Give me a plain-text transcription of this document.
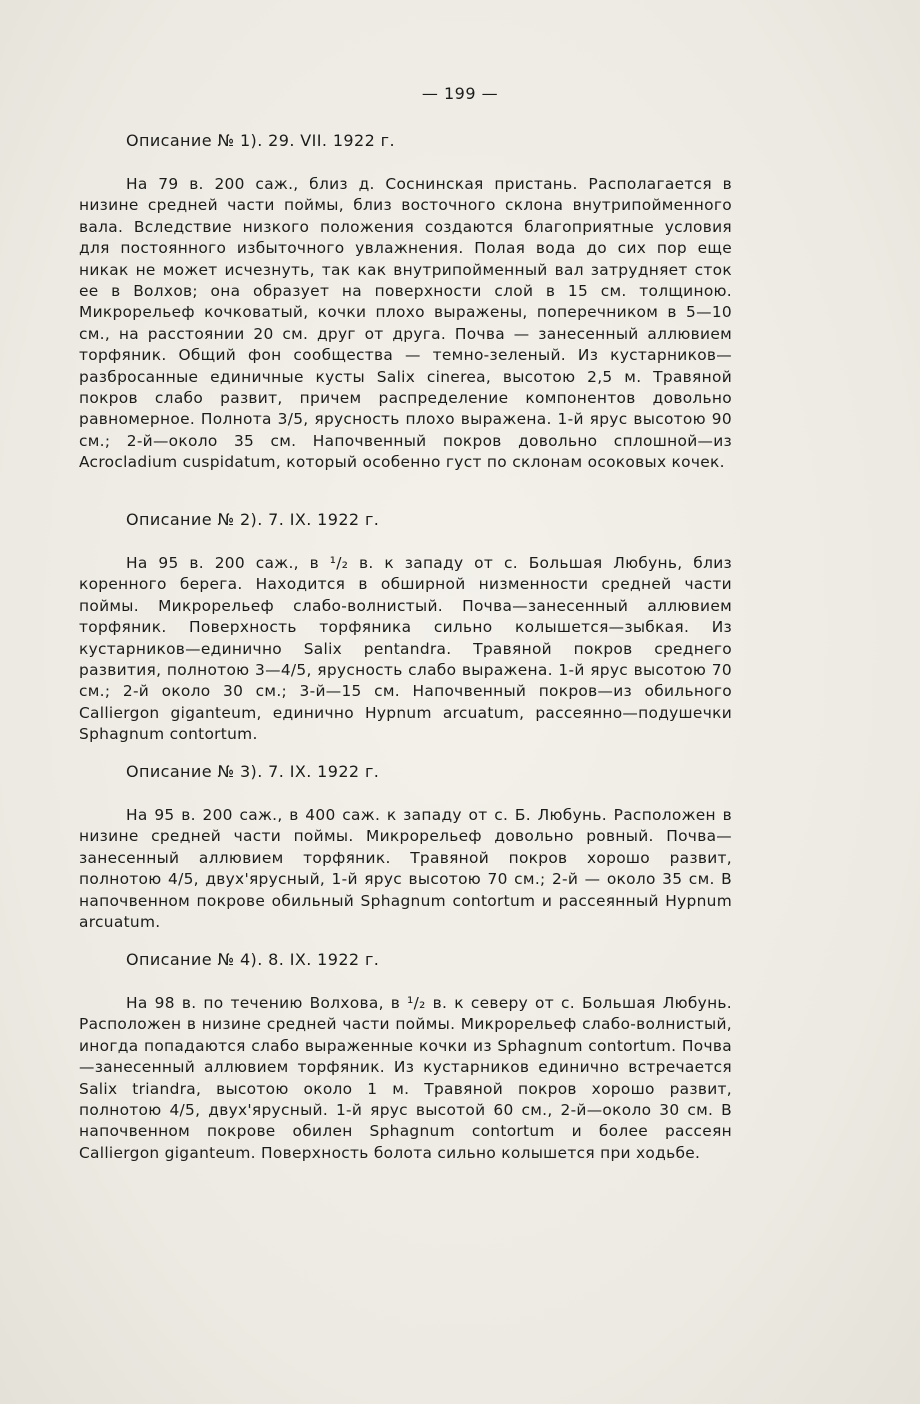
— 199 —
Описание № 1). 29. VII. 1922 г.

На 79 в. 200 саж., близ д. Соснинская пристань. Располагается в низине средней части поймы, близ восточного склона внутрипойменного вала. Вследствие низкого положения создаются благоприятные условия для постоянного избыточного увлажнения. Полая вода до сих пор еще никак не может исчезнуть, так как внутрипойменный вал затрудняет сток ее в Волхов; она образует на поверхности слой в 15 см. толщиною. Микрорельеф кочковатый, кочки плохо выражены, поперечником в 5—10 см., на расстоянии 20 см. друг от друга. Почва — занесенный аллювием торфяник. Общий фон сообщества — темно-зеленый. Из кустарников—разбросанные единичные кусты Salix cinerea, высотою 2,5 м. Травяной покров слабо развит, причем распределение компонентов довольно равномерное. Полнота 3/5, ярусность плохо выражена. 1-й ярус высотою 90 см.; 2-й—около 35 см. Напочвенный покров довольно сплошной—из Acrocladium cuspidatum, который особенно густ по склонам осоковых кочек.

Описание № 2). 7. IX. 1922 г.

На 95 в. 200 саж., в ¹/₂ в. к западу от с. Большая Любунь, близ коренного берега. Находится в обширной низменности средней части поймы. Микрорельеф слабо-волнистый. Почва—занесенный аллювием торфяник. Поверхность торфяника сильно колышется—зыбкая. Из кустарников—единично Salix pentandra. Травяной покров среднего развития, полнотою 3—4/5, ярусность слабо выражена. 1-й ярус высотою 70 см.; 2-й около 30 см.; 3-й—15 см. Напочвенный покров—из обильного Calliergon giganteum, единично Hypnum arcuatum, рассеянно—подушечки Sphagnum contortum.

Описание № 3). 7. IX. 1922 г.

На 95 в. 200 саж., в 400 саж. к западу от с. Б. Любунь. Расположен в низине средней части поймы. Микрорельеф довольно ровный. Почва—занесенный аллювием торфяник. Травяной покров хорошо развит, полнотою 4/5, двух'ярусный, 1-й ярус высотою 70 см.; 2-й — около 35 см. В напочвенном покрове обильный Sphagnum contortum и рассеянный Hypnum arcuatum.

Описание № 4). 8. IX. 1922 г.

На 98 в. по течению Волхова, в ¹/₂ в. к северу от с. Большая Любунь. Расположен в низине средней части поймы. Микрорельеф слабо-волнистый, иногда попадаются слабо выраженные кочки из Sphagnum contortum. Почва—занесенный аллювием торфяник. Из кустарников единично встречается Salix triandra, высотою около 1 м. Травяной покров хорошо развит, полнотою 4/5, двух'ярусный. 1-й ярус высотой 60 см., 2-й—около 30 см. В напочвенном покрове обилен Sphagnum contortum и более рассеян Calliergon giganteum. Поверхность болота сильно колышется при ходьбе.
